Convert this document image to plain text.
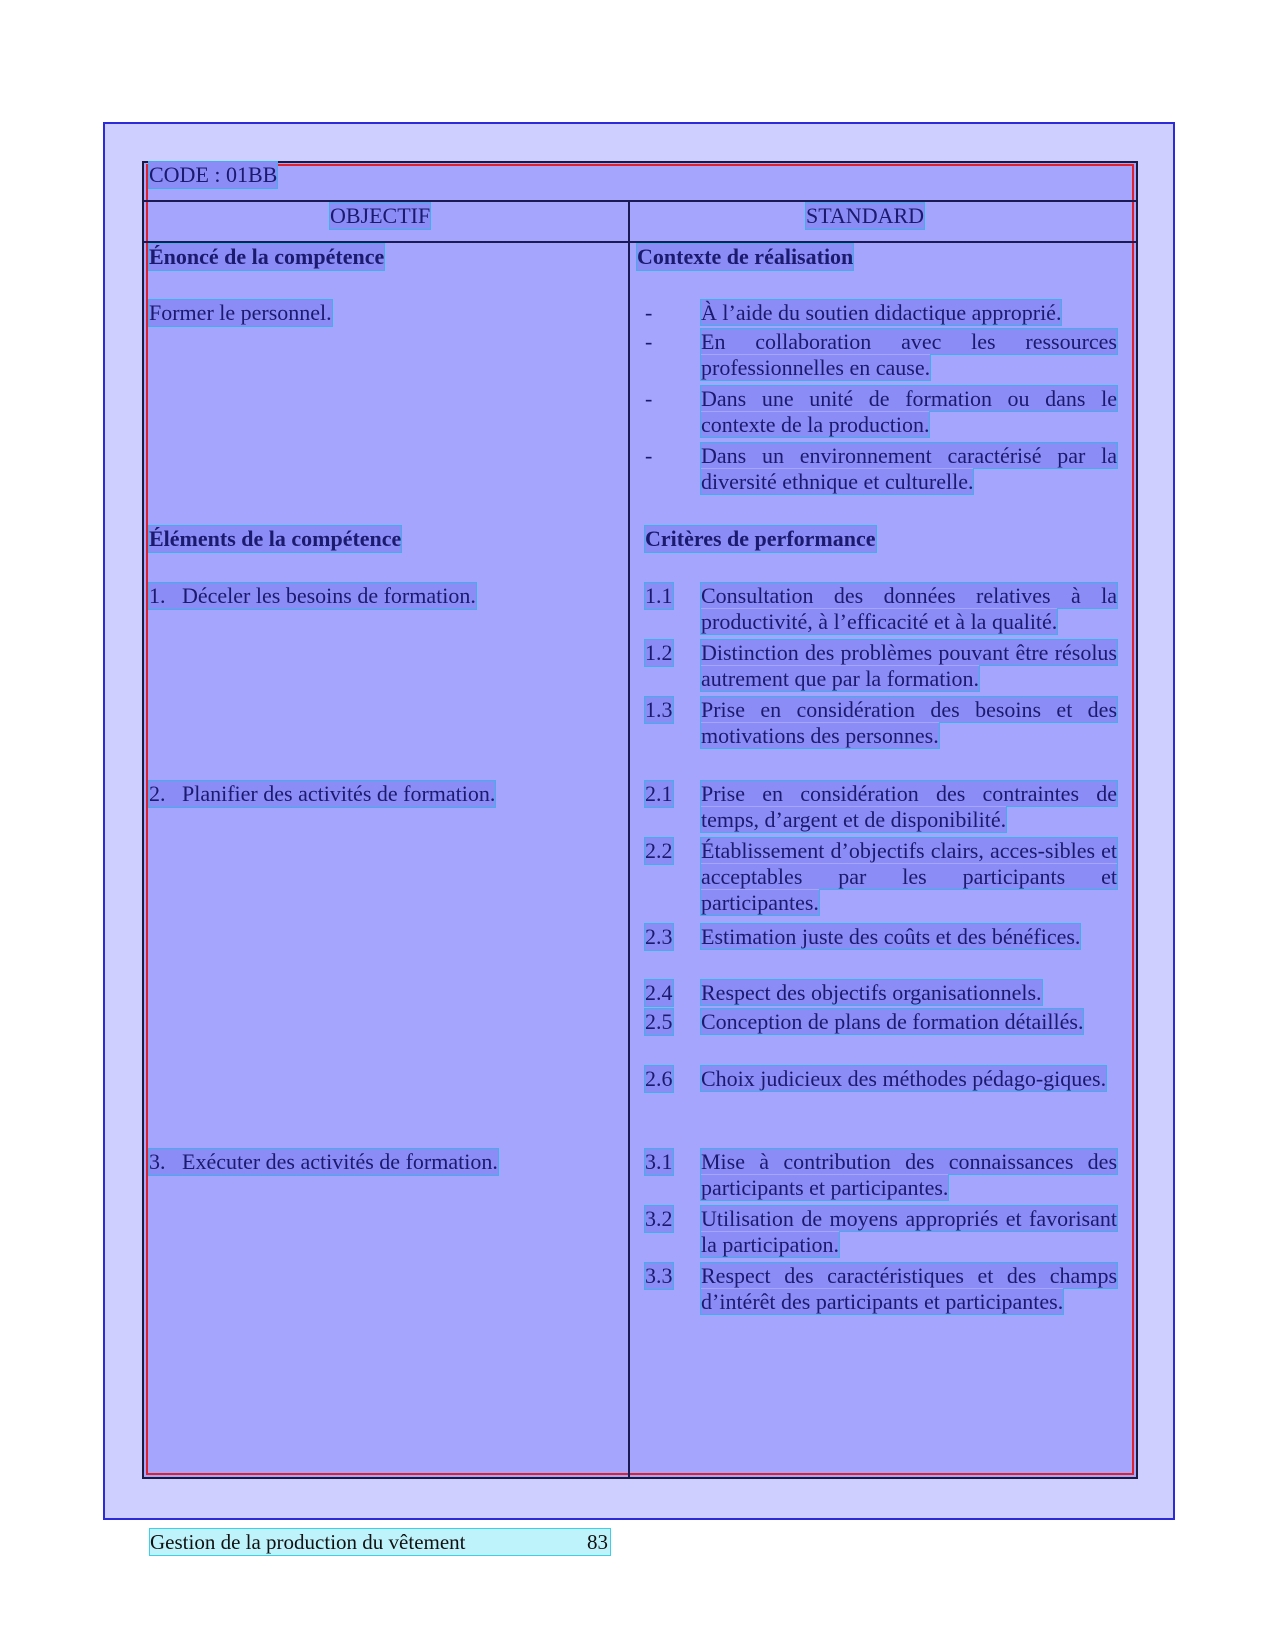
CODE : 01BB
OBJECTIF	STANDARD
Énoncé de la compétence
Former le personnel.
Éléments de la compétence
1. Déceler les besoins de formation.
2. Planifier des activités de formation.
3. Exécuter des activités de formation.
Contexte de réalisation
- À l’aide du soutien didactique approprié.
- En collaboration avec les ressources professionnelles en cause.
- Dans une unité de formation ou dans le contexte de la production.
- Dans un environnement caractérisé par la diversité ethnique et culturelle.
Critères de performance
1.1 Consultation des données relatives à la productivité, à l’efficacité et à la qualité.
1.2 Distinction des problèmes pouvant être résolus autrement que par la formation.
1.3 Prise en considération des besoins et des motivations des personnes.
2.1 Prise en considération des contraintes de temps, d’argent et de disponibilité.
2.2 Établissement d’objectifs clairs, acces-sibles et acceptables par les participants et participantes.
2.3 Estimation juste des coûts et des bénéfices.
2.4 Respect des objectifs organisationnels.
2.5 Conception de plans de formation détaillés.
2.6 Choix judicieux des méthodes pédago-giques.
3.1 Mise à contribution des connaissances des participants et participantes.
3.2 Utilisation de moyens appropriés et favorisant la participation.
3.3 Respect des caractéristiques et des champs d’intérêt des participants et participantes.
Gestion de la production du vêtement	83
